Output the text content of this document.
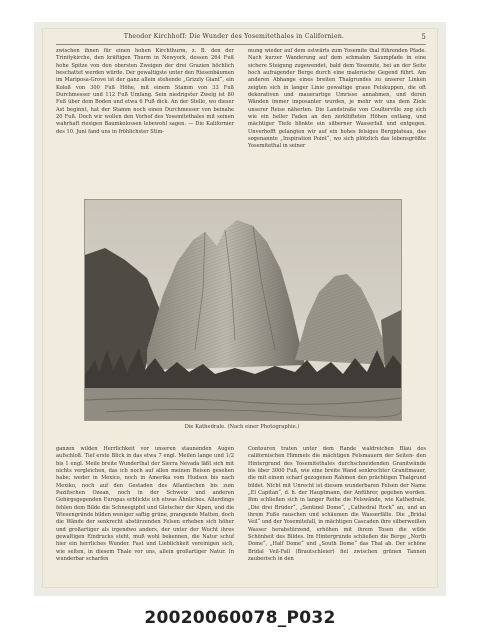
Theodor Kirchhoff: Die Wunder des Yosemitethales in Californien.	5

zwischen ihnen für einen hohen Kirchthurm, z. B. den der Trinitykirche, den kräftigen Thurm in Newyork, dessen 264 Fuß hohe Spitze von den obersten Zweigen der drei Grazien höchlich beschattet werden würde. Der gewaltigste unter den Riesenbäumen im Mariposa-Grove ist der ganz allein stehende „Grizzly Giant“, ein Koloß von 300 Fuß Höhe, mit einem Stamm von 33 Fuß Durchmesser und 112 Fuß Umfang. Sein niedrigster Zweig ist 80 Fuß über dem Boden und etwa 6 Fuß dick. An der Stelle, wo dieser Ast beginnt, hat der Stamm noch einen Durchmesser von beinahe 20 Fuß. Doch wir wollen den Vorhof des Yosemitethales mit seinen wahrhaft riesigen Baumkolossen lebewohl sagen. — Die Kalifornier des 10. Juni fand uns in fröhlichster Stim-

mung wieder auf dem ostwärts zum Yosemite thal führenden Pfade. Nach kurzer Wanderung auf dem schmalen Saumpfade in eine sichere Steigung zugewendet, bald dem Yosemite, bei an der Seite hoch aufragender Berge durch eine malerische Gegend führt. Am anderen Abhange eines breiten Thalgrundes zu unserer Linken zeigten sich in langer Linie gewaltige graue Felskuppen, die oft dekorativen und mauerartige Umrisse annahmen, und deren Wänden immer imposanter wurden, je mehr wir uns dem Ziele unserer Reise näherten. Die Landstraße von Coulterville zog sich wie ein heller Faden an den zerklüfteten Höhen entlang, und mächtiger Tiefe blinkte ein silberner Wasserfall und entgegen. Unverhofft gelangten wir auf ein hohes felsiges Bergplateau, das sogenannte „Inspiration Point“, wo sich plötzlich das lebensgrößte Yosemitethal in seiner

Die Kathedrale. (Nach einer Photographie.)

ganzen wilden Herrlichkeit vor unseren staunenden Augen aufschloß. Tief erste Blick in das etwa 7 engl. Meilen lange und 1/2 bis 1 engl. Meile breite Wunderthal der Sierra Nevada läßt sich mit nichts vergleichen, das ich noch auf allen meinen Reisen gesehen habe; weder in Mexico, noch in Amerika vom Hudson bis nach Mexiko, noch auf den Gestaden des Atlantischen bis zum Pazifischen Ozean, noch in der Schweiz und anderen Gebirgsgegenden Europas erblickte ich etwas Ähnliches. Allerdings fehlen dem Bilde die Schneegipfel und Gletscher der Alpen, und die Wiesengründe bilden weniger saftig grüne, prangende Matten, doch die Wände der senkrecht abstürzenden Felsen erheben sich höher und großartiger als irgendwo anders, der unter der Wucht ihres gewaltigen Eindrucks steht, muß wohl bekennen, die Natur schuf hier ein herrliches Wunder. Fast und Lieblichkeit vereinigen sich, wie selten, in diesem Thale vor uns, allein großartiger Natur. In wunderbar scharfen

Contouren traten unter dem Rande waldreichen Blau des californischen Himmels die mächtigen Felsmauern der Seiten- den Hintergrund des Yosemitethales durchschneidenden Granitwände bis über 3000 Fuß, wie eine breite Wand senkrechter Granitmauer, die mit einem scharf gezogenen Rahmen den prächtigen Thalgrund bildet. Nicht mit Unrecht ist diesem wunderbaren Felsen der Name „El Capitan“, d. h. der Hauptmann, der Anführer, gegeben worden. Ihm schließen sich in langer Reihe die Felswände, wie Kathedrale, „Die drei Brüder“, „Sentinel Dome“, „Cathedral Rock“ an, und an ihrem Fuße rauschen und schäumen die Wasserfälle. Die „Bridal Veil“ und der Yosemitefall, in mächtigen Cascaden ihre silberweißen Wasser herabstürzend, erhöhen mit ihrem Tosen die wilde Schönheit des Bildes. Im Hintergrunde schließen die Berge „North Dome“, „Half Dome“ und „South Dome“ das Thal ab. Der schöne Bridal Veil-Fall (Brautschleier) fiel zwischen grünen Tannen zauberisch in den

20020060078_P032
